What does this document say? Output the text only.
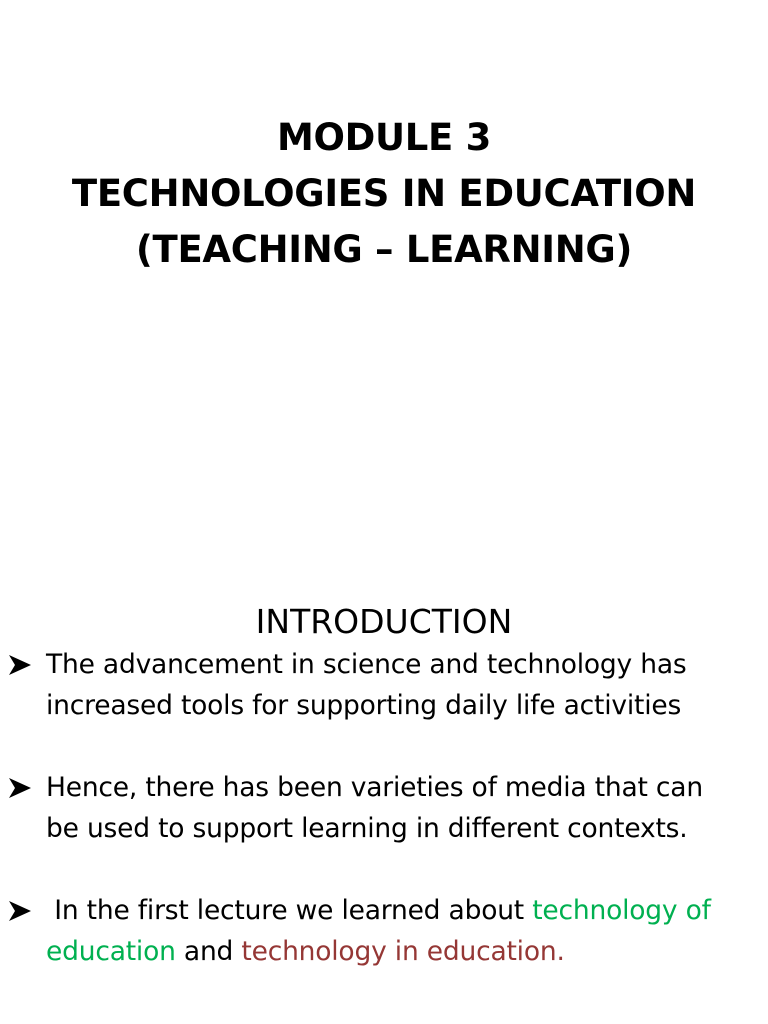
MODULE 3
TECHNOLOGIES IN EDUCATION
(TEACHING – LEARNING)
INTRODUCTION
The advancement in science and technology has
increased tools for supporting daily life activities
Hence, there has been varieties of media that can
be used to support learning in different contexts.
In the first lecture we learned about technology of education and technology in education.
